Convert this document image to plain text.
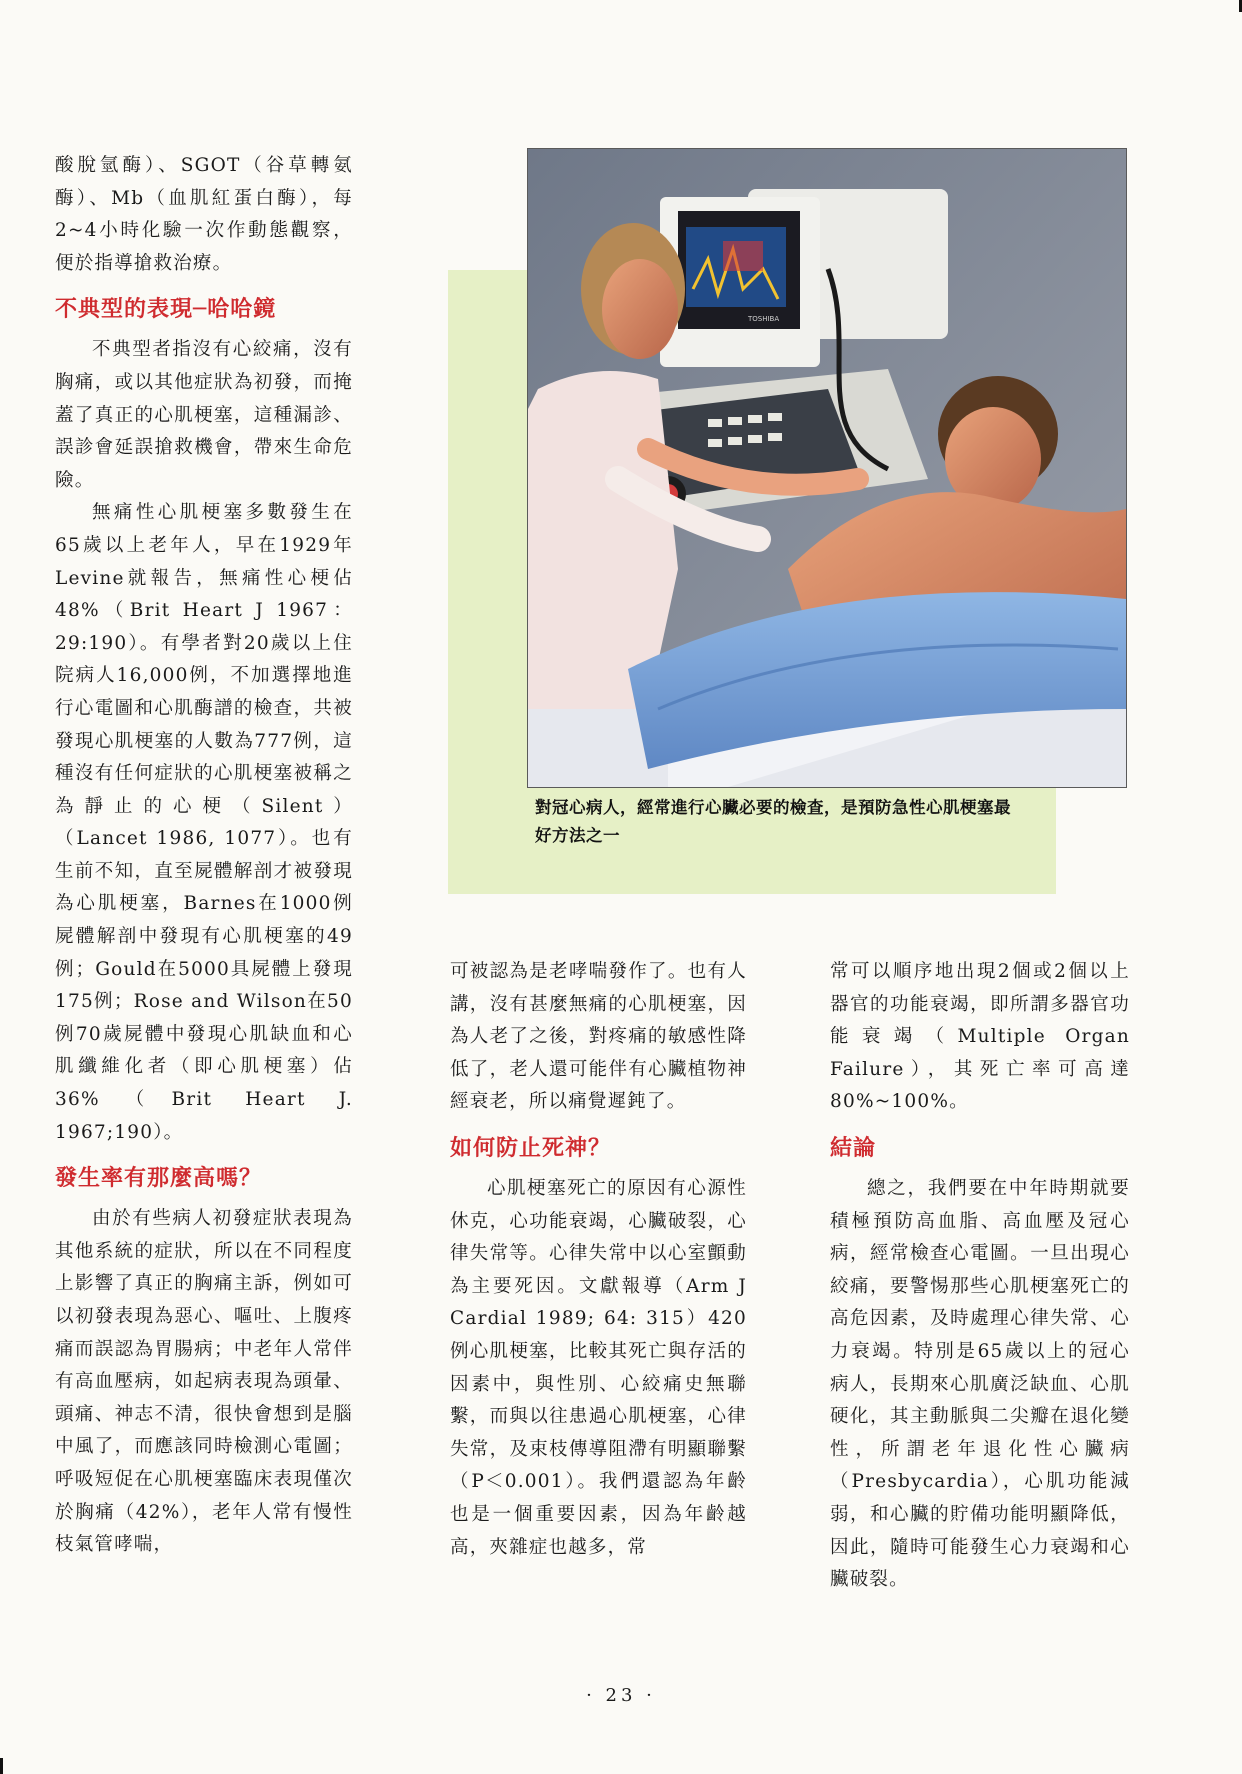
酸脫氫酶）、SGOT（谷草轉氨酶）、Mb（血肌紅蛋白酶），每2~4小時化驗一次作動態觀察，便於指導搶救治療。

不典型的表現─哈哈鏡

不典型者指沒有心絞痛，沒有胸痛，或以其他症狀為初發，而掩蓋了真正的心肌梗塞，這種漏診、誤診會延誤搶救機會，帶來生命危險。

無痛性心肌梗塞多數發生在65歲以上老年人，早在1929年Levine就報告，無痛性心梗佔48%（Brit Heart J 1967：29:190）。有學者對20歲以上住院病人16,000例，不加選擇地進行心電圖和心肌酶譜的檢查，共被發現心肌梗塞的人數為777例，這種沒有任何症狀的心肌梗塞被稱之為靜止的心梗（Silent）（Lancet 1986, 1077）。也有生前不知，直至屍體解剖才被發現為心肌梗塞，Barnes在1000例屍體解剖中發現有心肌梗塞的49例；Gould在5000具屍體上發現175例；Rose and Wilson在50例70歲屍體中發現心肌缺血和心肌纖維化者（即心肌梗塞）佔36%（Brit Heart J. 1967;190）。

發生率有那麼高嗎？

由於有些病人初發症狀表現為其他系統的症狀，所以在不同程度上影響了真正的胸痛主訴，例如可以初發表現為惡心、嘔吐、上腹疼痛而誤認為胃腸病；中老年人常伴有高血壓病，如起病表現為頭暈、頭痛、神志不清，很快會想到是腦中風了，而應該同時檢測心電圖；呼吸短促在心肌梗塞臨床表現僅次於胸痛（42%），老年人常有慢性枝氣管哮喘，

TOSHIBA
對冠心病人，經常進行心臟必要的檢查，是預防急性心肌梗塞最好方法之一

可被認為是老哮喘發作了。也有人講，沒有甚麼無痛的心肌梗塞，因為人老了之後，對疼痛的敏感性降低了，老人還可能伴有心臟植物神經衰老，所以痛覺遲鈍了。

如何防止死神？

心肌梗塞死亡的原因有心源性休克，心功能衰竭，心臟破裂，心律失常等。心律失常中以心室顫動為主要死因。文獻報導（Arm J Cardial 1989; 64: 315）420例心肌梗塞，比較其死亡與存活的因素中，與性別、心絞痛史無聯繫，而與以往患過心肌梗塞，心律失常，及束枝傳導阻滯有明顯聯繫（P＜0.001）。我們還認為年齡也是一個重要因素，因為年齡越高，夾雜症也越多，常

常可以順序地出現2個或2個以上器官的功能衰竭，即所謂多器官功能衰竭（Multiple Organ Failure），其死亡率可高達80%~100%。

結論

總之，我們要在中年時期就要積極預防高血脂、高血壓及冠心病，經常檢查心電圖。一旦出現心絞痛，要警惕那些心肌梗塞死亡的高危因素，及時處理心律失常、心力衰竭。特別是65歲以上的冠心病人，長期來心肌廣泛缺血、心肌硬化，其主動脈與二尖瓣在退化變性，所謂老年退化性心臟病（Presbycardia），心肌功能減弱，和心臟的貯備功能明顯降低，因此，隨時可能發生心力衰竭和心臟破裂。

· 23 ·
